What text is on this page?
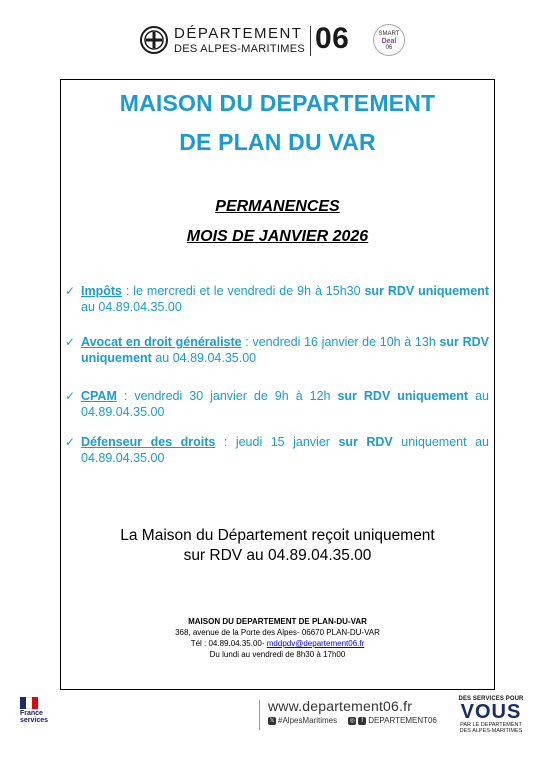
DÉPARTEMENT
DES ALPES-MARITIMES 06	SMART
Deal
06
MAISON DU DEPARTEMENT
DE PLAN DU VAR
PERMANENCES
MOIS DE JANVIER 2026
✓ Impôts : le mercredi et le vendredi de 9h à 15h30 sur RDV uniquement au 04.89.04.35.00
✓ Avocat en droit généraliste : vendredi 16 janvier de 10h à 13h sur RDV uniquement au 04.89.04.35.00
✓ CPAM : vendredi 30 janvier de 9h à 12h sur RDV uniquement au 04.89.04.35.00
✓ Défenseur des droits : jeudi 15 janvier sur RDV uniquement au 04.89.04.35.00
La Maison du Département reçoit uniquement
sur RDV au 04.89.04.35.00
MAISON DU DEPARTEMENT DE PLAN-DU-VAR
368, avenue de la Porte des Alpes- 06670 PLAN-DU-VAR
Tél : 04.89.04.35.00- mddpdv@departement06.fr
Du lundi au vendredi de 8h30 à 17h00
France
services
www.departement06.fr
𝕏 #AlpesMaritimes ◎ f DEPARTEMENT06
DES SERVICES POUR
VOUS
PAR LE DEPARTEMENT
DES ALPES-MARITIMES
